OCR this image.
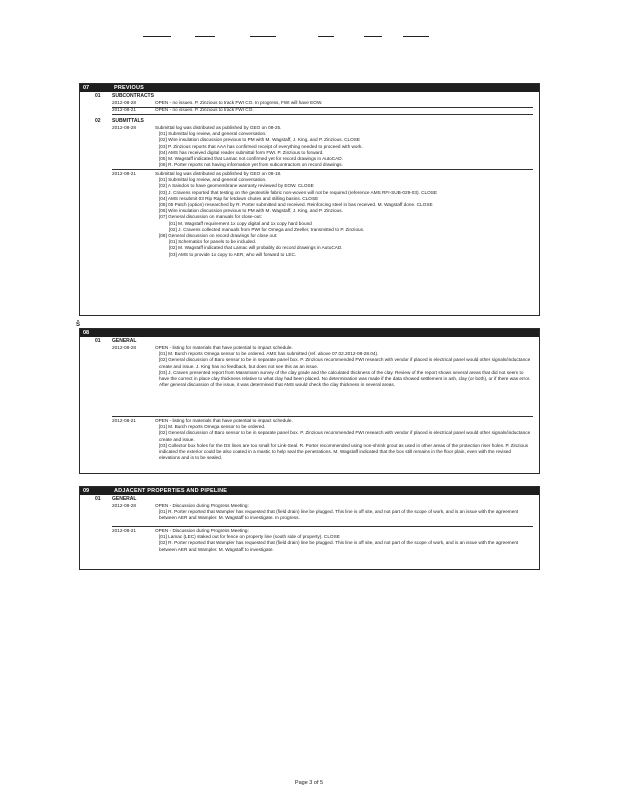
07	PREVIOUS
01 SUBCONTRACTS
2012-08-28	OPEN - no issues. P. Zinzious to track FWI CO. In progress, FWI will have EOW.
2012-08-21	OPEN - no issues. P. Zinzious to track FWI CO.
02 SUBMITTALS
2012-08-28	Submittal log was distributed as published by GEO on 08-25.
[01] Submittal log review, and general conversation.
[02] Wire insulation discussion previous to PM with M. Wagstaff, J. King, and P. Zinzious. CLOSE
[03] P. Zinzious reports that AAA has confirmed receipt of everything needed to proceed with work.
[04] AMS has received digital reader submittal form FWI. P. Zinzious to forward.
[05] M. Wagstaff indicated that Lamac not confirmed yet for record drawings in AutoCAD.
[06] R. Porter reports not having information yet from subcontractors on record drawings.
2012-08-21	Submittal log was distributed as published by GEO on 08-18.
[01] Submittal log review, and general conversation.
[02] A Saindon to have geomembrane warranty reviewed by EOW. CLOSE
[03] J. Cravens reported that testing on the geotextile fabric non-woven will not be required (reference AMS RFI-SUB-029-03). CLOSE
[04] AMS resubmit 03 Rip Rap for letdown chutes and stilling basins. CLOSE
[05] 05 Patch (option) researched by R. Porter submitted and received. Reinforcing steel in bas received. M. Wagstaff done. CLOSE
[06] Wire insulation discussion previous to PM with M. Wagstaff, J. King, and P. Zinzious.
[07] General discussion on manuals for close-out:
[01] M. Wagstaff requirement 1x copy digital and 1x copy hard bound
[02] J. Cravens collected manuals from PWI for Omega and Zeeller, transmitted to P. Zinzious.
[08] General discussion on record drawings for close out:
[01] Schematics for panels to be included.
[02] M. Wagstaff indicated that Lamac will probably do record drawings in AutoCAD.
[03] AMS to provide 1x copy to AER, who will forward to LEC.
Š
08
01 GENERAL
2012-08-28	OPEN - listing for materials that have potential to impact schedule.
[01] M. Burch reports Omega sensor to be ordered. AMS has submitted (ref. above 07.02.2012-08-28.04).
[02] General discussion of Baro sensor to be in separate panel box. P. Zinzious recommended FWI research with vendor if placed is electrical panel would other signals/inductance create and issue. J. King has no feedback, but does not see this as an issue.
[03] J. Craven presented report from Massmann survey of the clay grade and the calculated thickness of the clay. Review of the report shows several areas that did not seem to have the correct in place clay thickness relative to what clay had been placed. No determination was made if the data showed settlement in ash, clay (or both), or if there was error. After general discussion of the issue, it was determined that AMS would check the clay thickness in several areas.
2012-08-21	OPEN - listing for materials that have potential to impact schedule.
[01] M. Burch reports Omega sensor to be ordered.
[02] General discussion of Baro sensor to be in separate panel box. P. Zinzious recommended FWI research with vendor if placed is electrical panel would other signals/inductance create and issue.
[03] Collector box holes for the DS lines are too small for Link-Seal. R. Porter recommended using non-shrink grout as used in other areas of the protection riser holes. P. Zinzious indicated the exterior could be also coated in a mastic to help seal the penetrations. M. Wagstaff indicated that the box still remains in the floor plain, even with the revised elevations and is to be sealed.
09	ADJACENT PROPERTIES AND PIPELINE
01 GENERAL
2012-08-28	OPEN - Discussion during Progress Meeting:
[01] R. Porter reported that Wampler has requested that (field drain) line be plugged. This line is off site, and not part of the scope of work, and is an issue with the agreement between AER and Wampler. M. Wagstaff to investigate. In progress.
2012-08-21	OPEN - Discussion during Progress Meeting:
[01] Lamac (LEC) staked out for fence on property line (south side of property). CLOSE
[02] R. Porter reported that Wampler has requested that (field drain) line be plugged. This line is off site, and not part of the scope of work, and is an issue with the agreement between AER and Wampler. M. Wagstaff to investigate.
Page 3 of 5
